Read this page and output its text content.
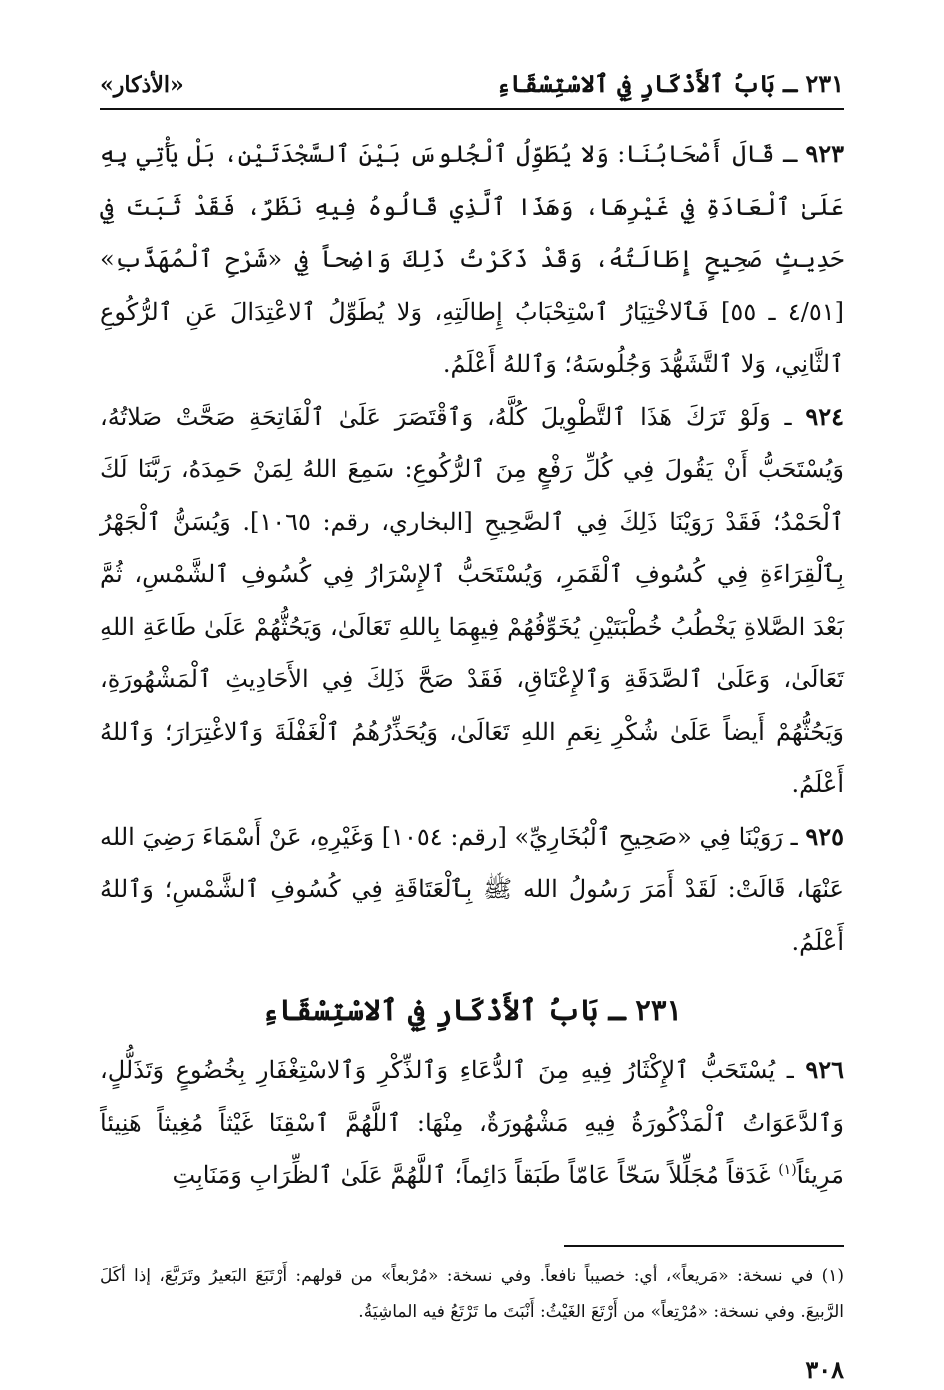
٢٣١ ـ بَابُ ٱلأَذْكَارِ فِي ٱلاسْتِسْقَاءِ
«الأذكار»

٩٢٣ ـ قَالَ أَصْحَابُنَا: وَلا يُطَوِّلُ ٱلْجُلوسَ بَيْنَ ٱلسَّجْدَتَيْنِ، بَلْ يَأْتِي بِهِ عَلَىٰ ٱلْعَادَةِ فِي غَيْرِهَا، وَهَذَا ٱلَّذِي قَالُوهُ فِيهِ نَظَرٌ، فَقَدْ ثَبَتَ فِي حَدِيثٍ صَحِيحٍ إِطَالَتُهُ، وَقَدْ ذَكَرْتُ ذَلِكَ وَاضِحاً فِي «شَرْحِ ٱلْمُهَذَّبِ» [٤/٥١ ـ ٥٥] فَٱلاخْتِيَارُ ٱسْتِحْبَابُ إِطالَتِهِ، وَلا يُطَوِّلُ ٱلاعْتِدَالَ عَنِ ٱلرُّكُوعِ ٱلثَّانِي، وَلا ٱلتَّشَهُّدَ وَجُلُوسَهُ؛ وَٱللهُ أَعْلَمُ.

٩٢٤ ـ وَلَوْ تَرَكَ هَذَا ٱلتَّطْوِيلَ كُلَّهُ، وَٱقْتَصَرَ عَلَىٰ ٱلْفَاتِحَةِ صَحَّتْ صَلاتُهُ، وَيُسْتَحَبُّ أَنْ يَقُولَ فِي كُلِّ رَفْعٍ مِنَ ٱلرُّكُوعِ: سَمِعَ اللهُ لِمَنْ حَمِدَهُ، رَبَّنَا لَكَ ٱلْحَمْدُ؛ فَقَدْ رَوَيْنَا ذَلِكَ فِي ٱلصَّحِيحِ [البخاري، رقم: ١٠٦٥]. وَيُسَنُّ ٱلْجَهْرُ بِٱلْقِرَاءَةِ فِي كُسُوفِ ٱلْقَمَرِ، وَيُسْتَحَبُّ ٱلإِسْرَارُ فِي كُسُوفِ ٱلشَّمْسِ، ثُمَّ بَعْدَ الصَّلاةِ يَخْطُبُ خُطْبَتَيْنِ يُخَوِّفُهُمْ فِيهِمَا بِاللهِ تَعَالَىٰ، وَيَحُثُّهُمْ عَلَىٰ طَاعَةِ اللهِ تَعَالَىٰ، وَعَلَىٰ ٱلصَّدَقَةِ وَٱلإِعْتَاقِ، فَقَدْ صَحَّ ذَلِكَ فِي الأَحَادِيثِ ٱلْمَشْهُورَةِ، وَيَحُثُّهُمْ أَيضاً عَلَىٰ شُكْرِ نِعَمِ اللهِ تَعَالَىٰ، وَيُحَذِّرُهُمُ ٱلْغَفْلَةَ وَٱلاغْتِرَارَ؛ وَٱللهُ أَعْلَمُ.

٩٢٥ ـ رَوَيْنَا فِي «صَحِيحِ ٱلْبُخَارِيِّ» [رقم: ١٠٥٤] وَغَيْرِهِ، عَنْ أَسْمَاءَ رَضِيَ الله عَنْهَا، قَالَتْ: لَقَدْ أَمَرَ رَسُولُ الله ﷺ بِٱلْعَتَاقَةِ فِي كُسُوفِ ٱلشَّمْسِ؛ وَٱللهُ أَعْلَمُ.

٢٣١ ـ بَابُ ٱلأَذْكَارِ فِي ٱلاسْتِسْقَاءِ

٩٢٦ ـ يُسْتَحَبُّ ٱلإِكْثَارُ فِيهِ مِنَ ٱلدُّعَاءِ وَٱلذِّكْرِ وَٱلاسْتِغْفَارِ بِخُضُوعٍ وَتَذَلُّلٍ، وَٱلدَّعَوَاتُ ٱلْمَذْكُورَةُ فِيهِ مَشْهُورَةٌ، مِنْهَا: ٱللَّهُمَّ ٱسْقِنَا غَيْثاً مُغِيثاً هَنِيئاً مَرِيئاً$^{(١)}$ غَدَقاً مُجَلِّلاً سَحّاً عَامّاً طَبَقاً دَائِماً؛ ٱللَّهُمَّ عَلَىٰ ٱلظِّرَابِ وَمَنَابِتِ

(١) في نسخة: «مَريعاً»، أي: خصيباً نافعاً. وفي نسخة: «مُرْبعاً» من قولهم: أَرْتَبَعَ البَعيرُ وتَرَبَّعَ، إذا أكَلَ الرَّبيعَ. وفي نسخة: «مُرْتِعاً» من أَرْتَعَ الغَيْثُ: أَنْبَتَ ما تَرْتَعُ فيه الماشِيَةُ.

٣٠٨
